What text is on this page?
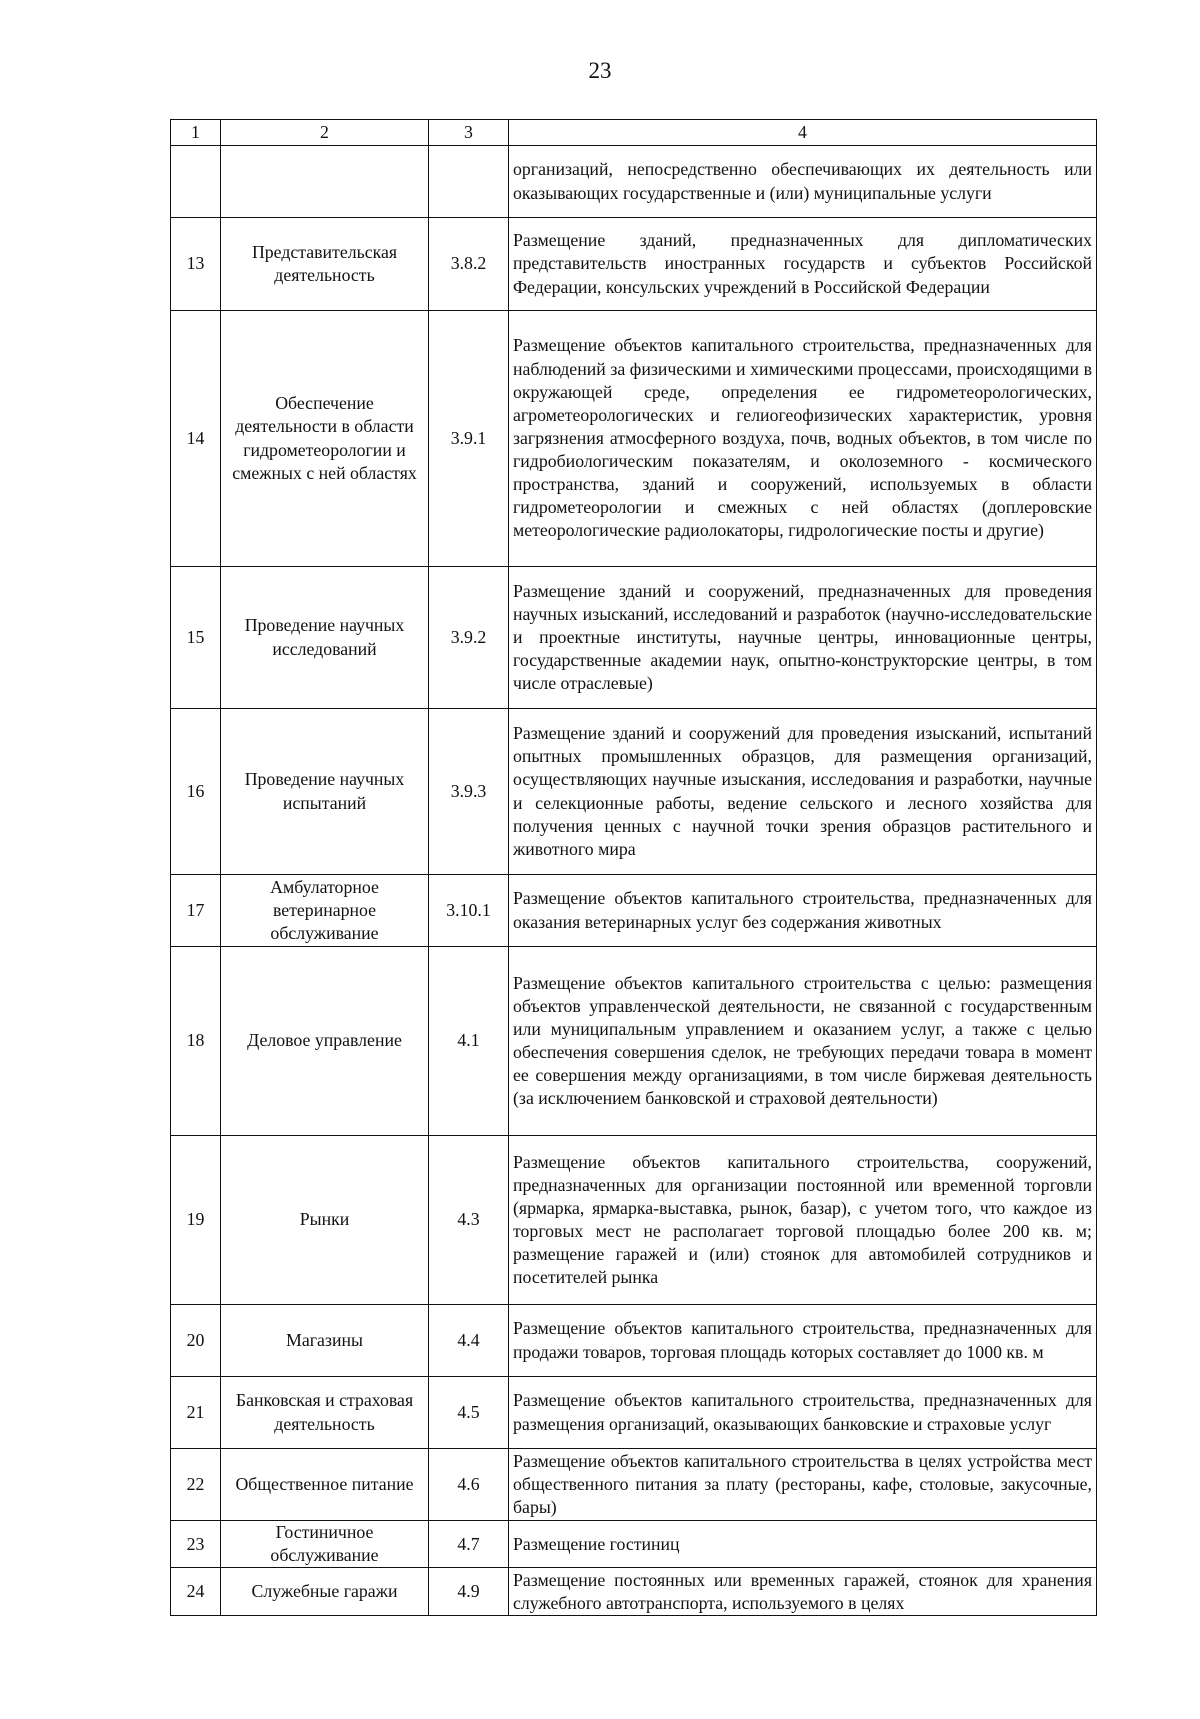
23
1	2	3	4
			организаций, непосредственно обеспечивающих их деятельность или оказывающих государственные и (или) муниципальные услуги
13	Представительская деятельность	3.8.2	Размещение зданий, предназначенных для дипломатических представительств иностранных государств и субъектов Российской Федерации, консульских учреждений в Российской Федерации
14	Обеспечение деятельности в области гидрометеорологии и смежных с ней областях	3.9.1	Размещение объектов капитального строительства, предназначенных для наблюдений за физическими и химическими процессами, происходящими в окружающей среде, определения ее гидрометеорологических, агрометеорологических и гелиогеофизических характеристик, уровня загрязнения атмосферного воздуха, почв, водных объектов, в том числе по гидробиологическим показателям, и околоземного - космического пространства, зданий и сооружений, используемых в области гидрометеорологии и смежных с ней областях (доплеровские метеорологические радиолокаторы, гидрологические посты и другие)
15	Проведение научных исследований	3.9.2	Размещение зданий и сооружений, предназначенных для проведения научных изысканий, исследований и разработок (научно-исследовательские и проектные институты, научные центры, инновационные центры, государственные академии наук, опытно-конструкторские центры, в том числе отраслевые)
16	Проведение научных испытаний	3.9.3	Размещение зданий и сооружений для проведения изысканий, испытаний опытных промышленных образцов, для размещения организаций, осуществляющих научные изыскания, исследования и разработки, научные и селекционные работы, ведение сельского и лесного хозяйства для получения ценных с научной точки зрения образцов растительного и животного мира
17	Амбулаторное ветеринарное обслуживание	3.10.1	Размещение объектов капитального строительства, предназначенных для оказания ветеринарных услуг без содержания животных
18	Деловое управление	4.1	Размещение объектов капитального строительства с целью: размещения объектов управленческой деятельности, не связанной с государственным или муниципальным управлением и оказанием услуг, а также с целью обеспечения совершения сделок, не требующих передачи товара в момент ее совершения между организациями, в том числе биржевая деятельность (за исключением банковской и страховой деятельности)
19	Рынки	4.3	Размещение объектов капитального строительства, сооружений, предназначенных для организации постоянной или временной торговли (ярмарка, ярмарка-выставка, рынок, базар), с учетом того, что каждое из торговых мест не располагает торговой площадью более 200 кв. м; размещение гаражей и (или) стоянок для автомобилей сотрудников и посетителей рынка
20	Магазины	4.4	Размещение объектов капитального строительства, предназначенных для продажи товаров, торговая площадь которых составляет до 1000 кв. м
21	Банковская и страховая деятельность	4.5	Размещение объектов капитального строительства, предназначенных для размещения организаций, оказывающих банковские и страховые услуг
22	Общественное питание	4.6	Размещение объектов капитального строительства в целях устройства мест общественного питания за плату (рестораны, кафе, столовые, закусочные, бары)
23	Гостиничное обслуживание	4.7	Размещение гостиниц
24	Служебные гаражи	4.9	Размещение постоянных или временных гаражей, стоянок для хранения служебного автотранспорта, используемого в целях
